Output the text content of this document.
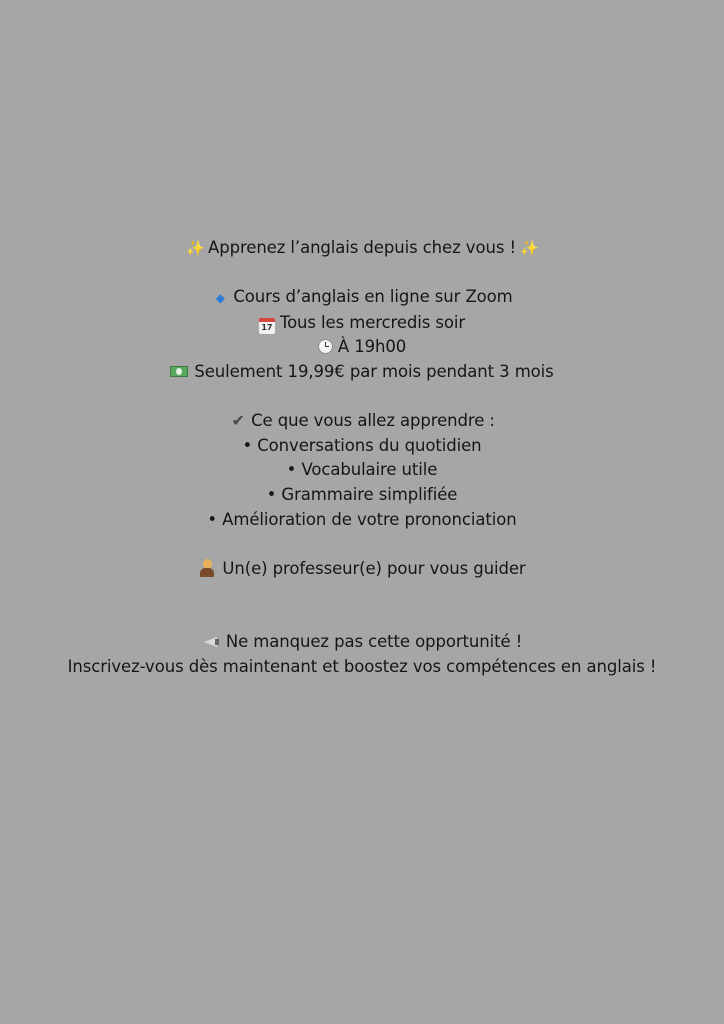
✨ Apprenez l’anglais depuis chez vous ! ✨
◆ Cours d’anglais en ligne sur Zoom
17 Tous les mercredis soir
À 19h00
Seulement 19,99€ par mois pendant 3 mois
✔ Ce que vous allez apprendre :
• Conversations du quotidien
• Vocabulaire utile
• Grammaire simplifiée
• Amélioration de votre prononciation
Un(e) professeur(e) pour vous guider
Ne manquez pas cette opportunité !
Inscrivez-vous dès maintenant et boostez vos compétences en anglais !
